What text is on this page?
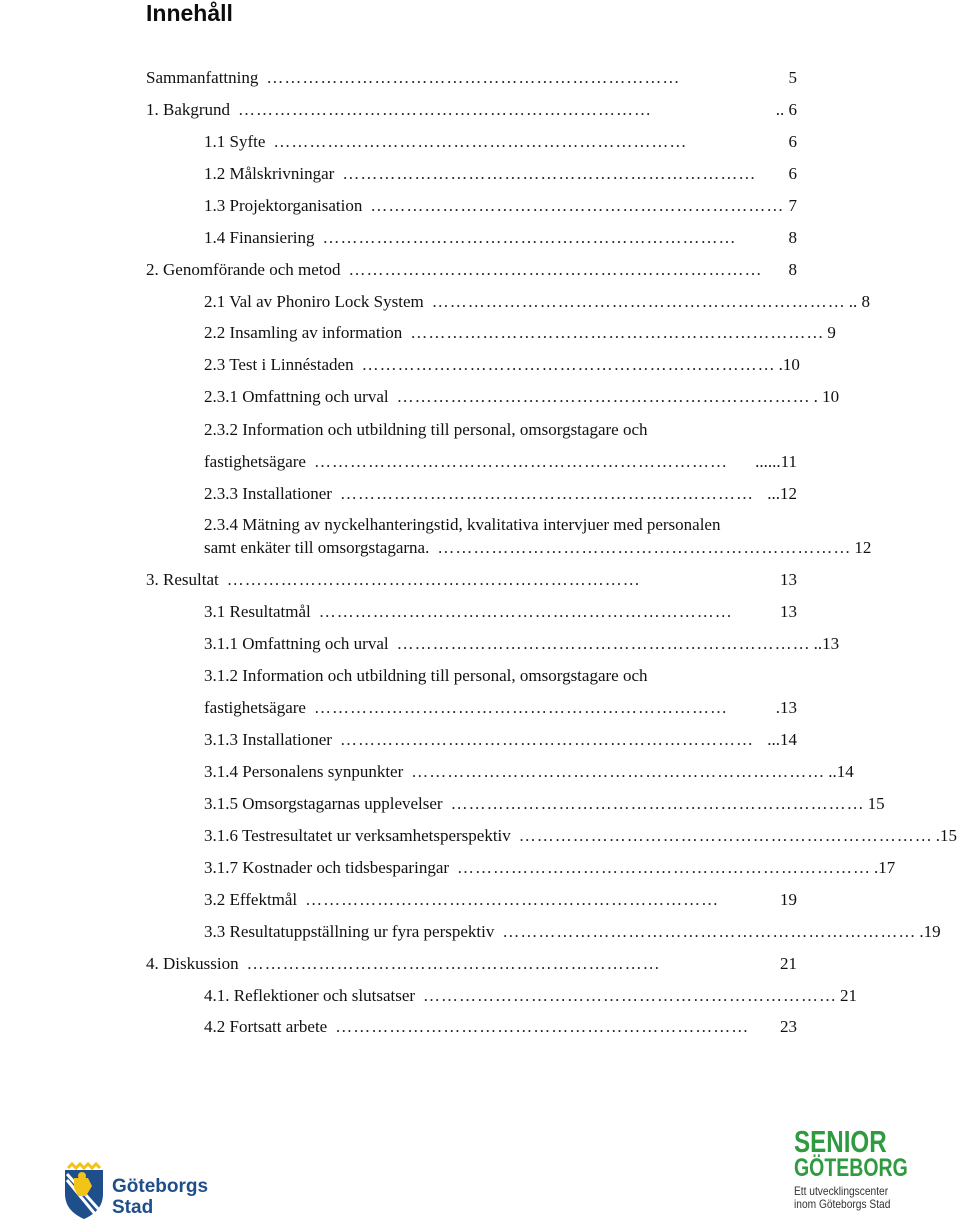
Innehåll
Sammanfattning ……………………………………………………………	5
1. Bakgrund ……………………………………………………………	.. 6
1.1 Syfte ……………………………………………………………	6
1.2 Målskrivningar ……………………………………………………………	6
1.3 Projektorganisation …………………………………………………………… 7
1.4 Finansiering ……………………………………………………………	8
2. Genomförande och metod ……………………………………………………………	8
2.1 Val av Phoniro Lock System …………………………………………………………… .. 8
2.2 Insamling av information …………………………………………………………… 9
2.3 Test i Linnéstaden …………………………………………………………… .10
2.3.1 Omfattning och urval …………………………………………………………… . 10
2.3.2 Information och utbildning till personal, omsorgstagare och
fastighetsägare ……………………………………………………………	......11
2.3.3 Installationer …………………………………………………………… ...12
2.3.4 Mätning av nyckelhanteringstid, kvalitativa intervjuer med personalen
samt enkäter till omsorgstagarna. …………………………………………………………… 12
3. Resultat ……………………………………………………………	13
3.1 Resultatmål ……………………………………………………………	13
3.1.1 Omfattning och urval …………………………………………………………… ..13
3.1.2 Information och utbildning till personal, omsorgstagare och
fastighetsägare ……………………………………………………………	.13
3.1.3 Installationer …………………………………………………………… ...14
3.1.4 Personalens synpunkter …………………………………………………………… ..14
3.1.5 Omsorgstagarnas upplevelser …………………………………………………………… 15
3.1.6 Testresultatet ur verksamhetsperspektiv …………………………………………………………… .15
3.1.7 Kostnader och tidsbesparingar …………………………………………………………… .17
3.2 Effektmål ……………………………………………………………	19
3.3 Resultatuppställning ur fyra perspektiv …………………………………………………………… .19
4. Diskussion ……………………………………………………………	21
4.1. Reflektioner och slutsatser …………………………………………………………… 21
4.2 Fortsatt arbete ……………………………………………………………	23
Göteborgs
Stad
SENIOR
GÖTEBORG
Ett utvecklingscenter
inom Göteborgs Stad
